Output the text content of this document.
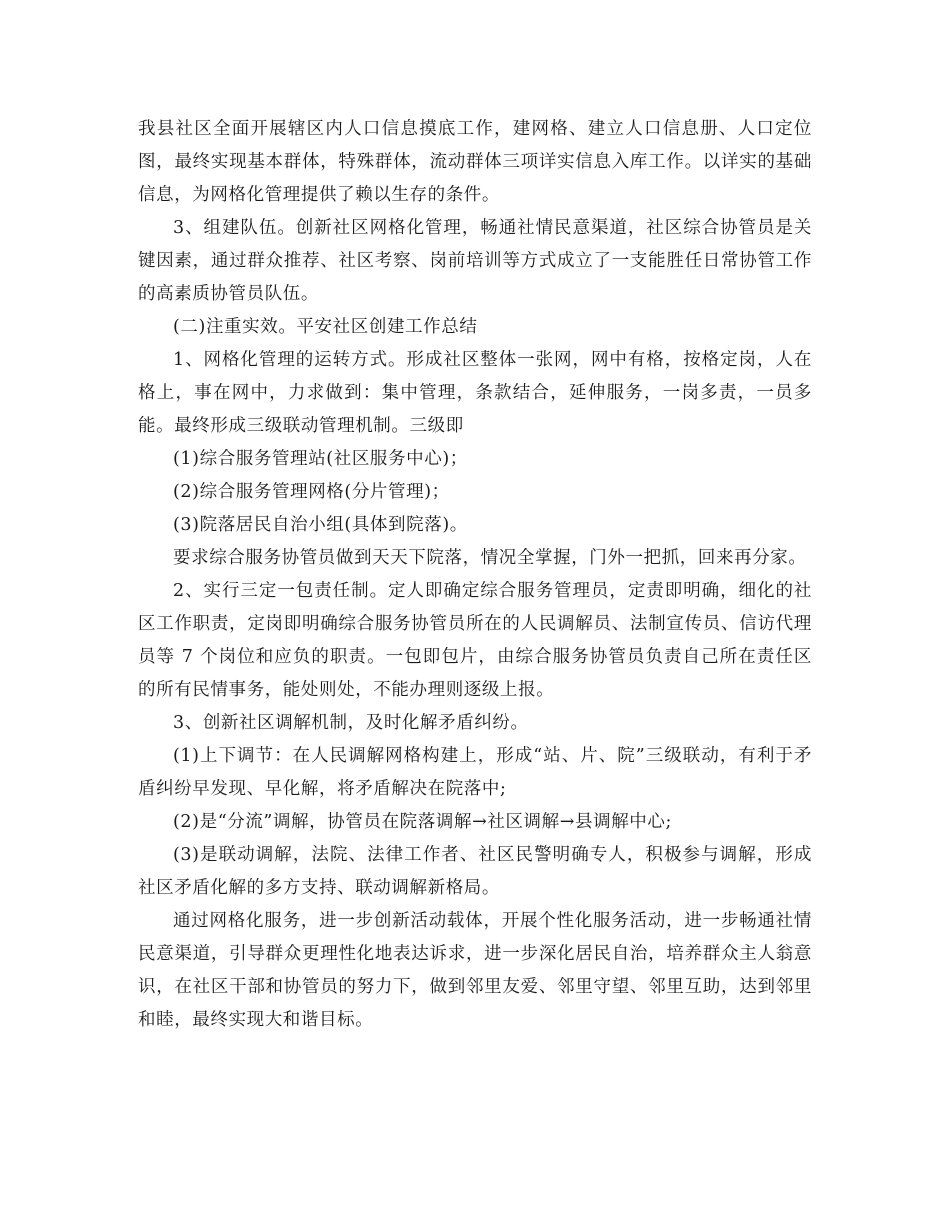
我县社区全面开展辖区内人口信息摸底工作，建网格、建立人口信息册、人口定位图，最终实现基本群体，特殊群体，流动群体三项详实信息入库工作。以详实的基础信息，为网格化管理提供了赖以生存的条件。

3、组建队伍。创新社区网格化管理，畅通社情民意渠道，社区综合协管员是关键因素，通过群众推荐、社区考察、岗前培训等方式成立了一支能胜任日常协管工作的高素质协管员队伍。

(二)注重实效。平安社区创建工作总结

1、网格化管理的运转方式。形成社区整体一张网，网中有格，按格定岗，人在格上，事在网中，力求做到：集中管理，条款结合，延伸服务，一岗多责，一员多能。最终形成三级联动管理机制。三级即

(1)综合服务管理站(社区服务中心)；

(2)综合服务管理网格(分片管理)；

(3)院落居民自治小组(具体到院落)。

要求综合服务协管员做到天天下院落，情况全掌握，门外一把抓，回来再分家。

2、实行三定一包责任制。定人即确定综合服务管理员，定责即明确，细化的社区工作职责，定岗即明确综合服务协管员所在的人民调解员、法制宣传员、信访代理员等 7 个岗位和应负的职责。一包即包片，由综合服务协管员负责自己所在责任区的所有民情事务，能处则处，不能办理则逐级上报。

3、创新社区调解机制，及时化解矛盾纠纷。

(1)上下调节：在人民调解网格构建上，形成“站、片、院”三级联动，有利于矛盾纠纷早发现、早化解，将矛盾解决在院落中;

(2)是“分流”调解，协管员在院落调解→社区调解→县调解中心;

(3)是联动调解，法院、法律工作者、社区民警明确专人，积极参与调解，形成社区矛盾化解的多方支持、联动调解新格局。

通过网格化服务，进一步创新活动载体，开展个性化服务活动，进一步畅通社情民意渠道，引导群众更理性化地表达诉求，进一步深化居民自治，培养群众主人翁意识，在社区干部和协管员的努力下，做到邻里友爱、邻里守望、邻里互助，达到邻里和睦，最终实现大和谐目标。
